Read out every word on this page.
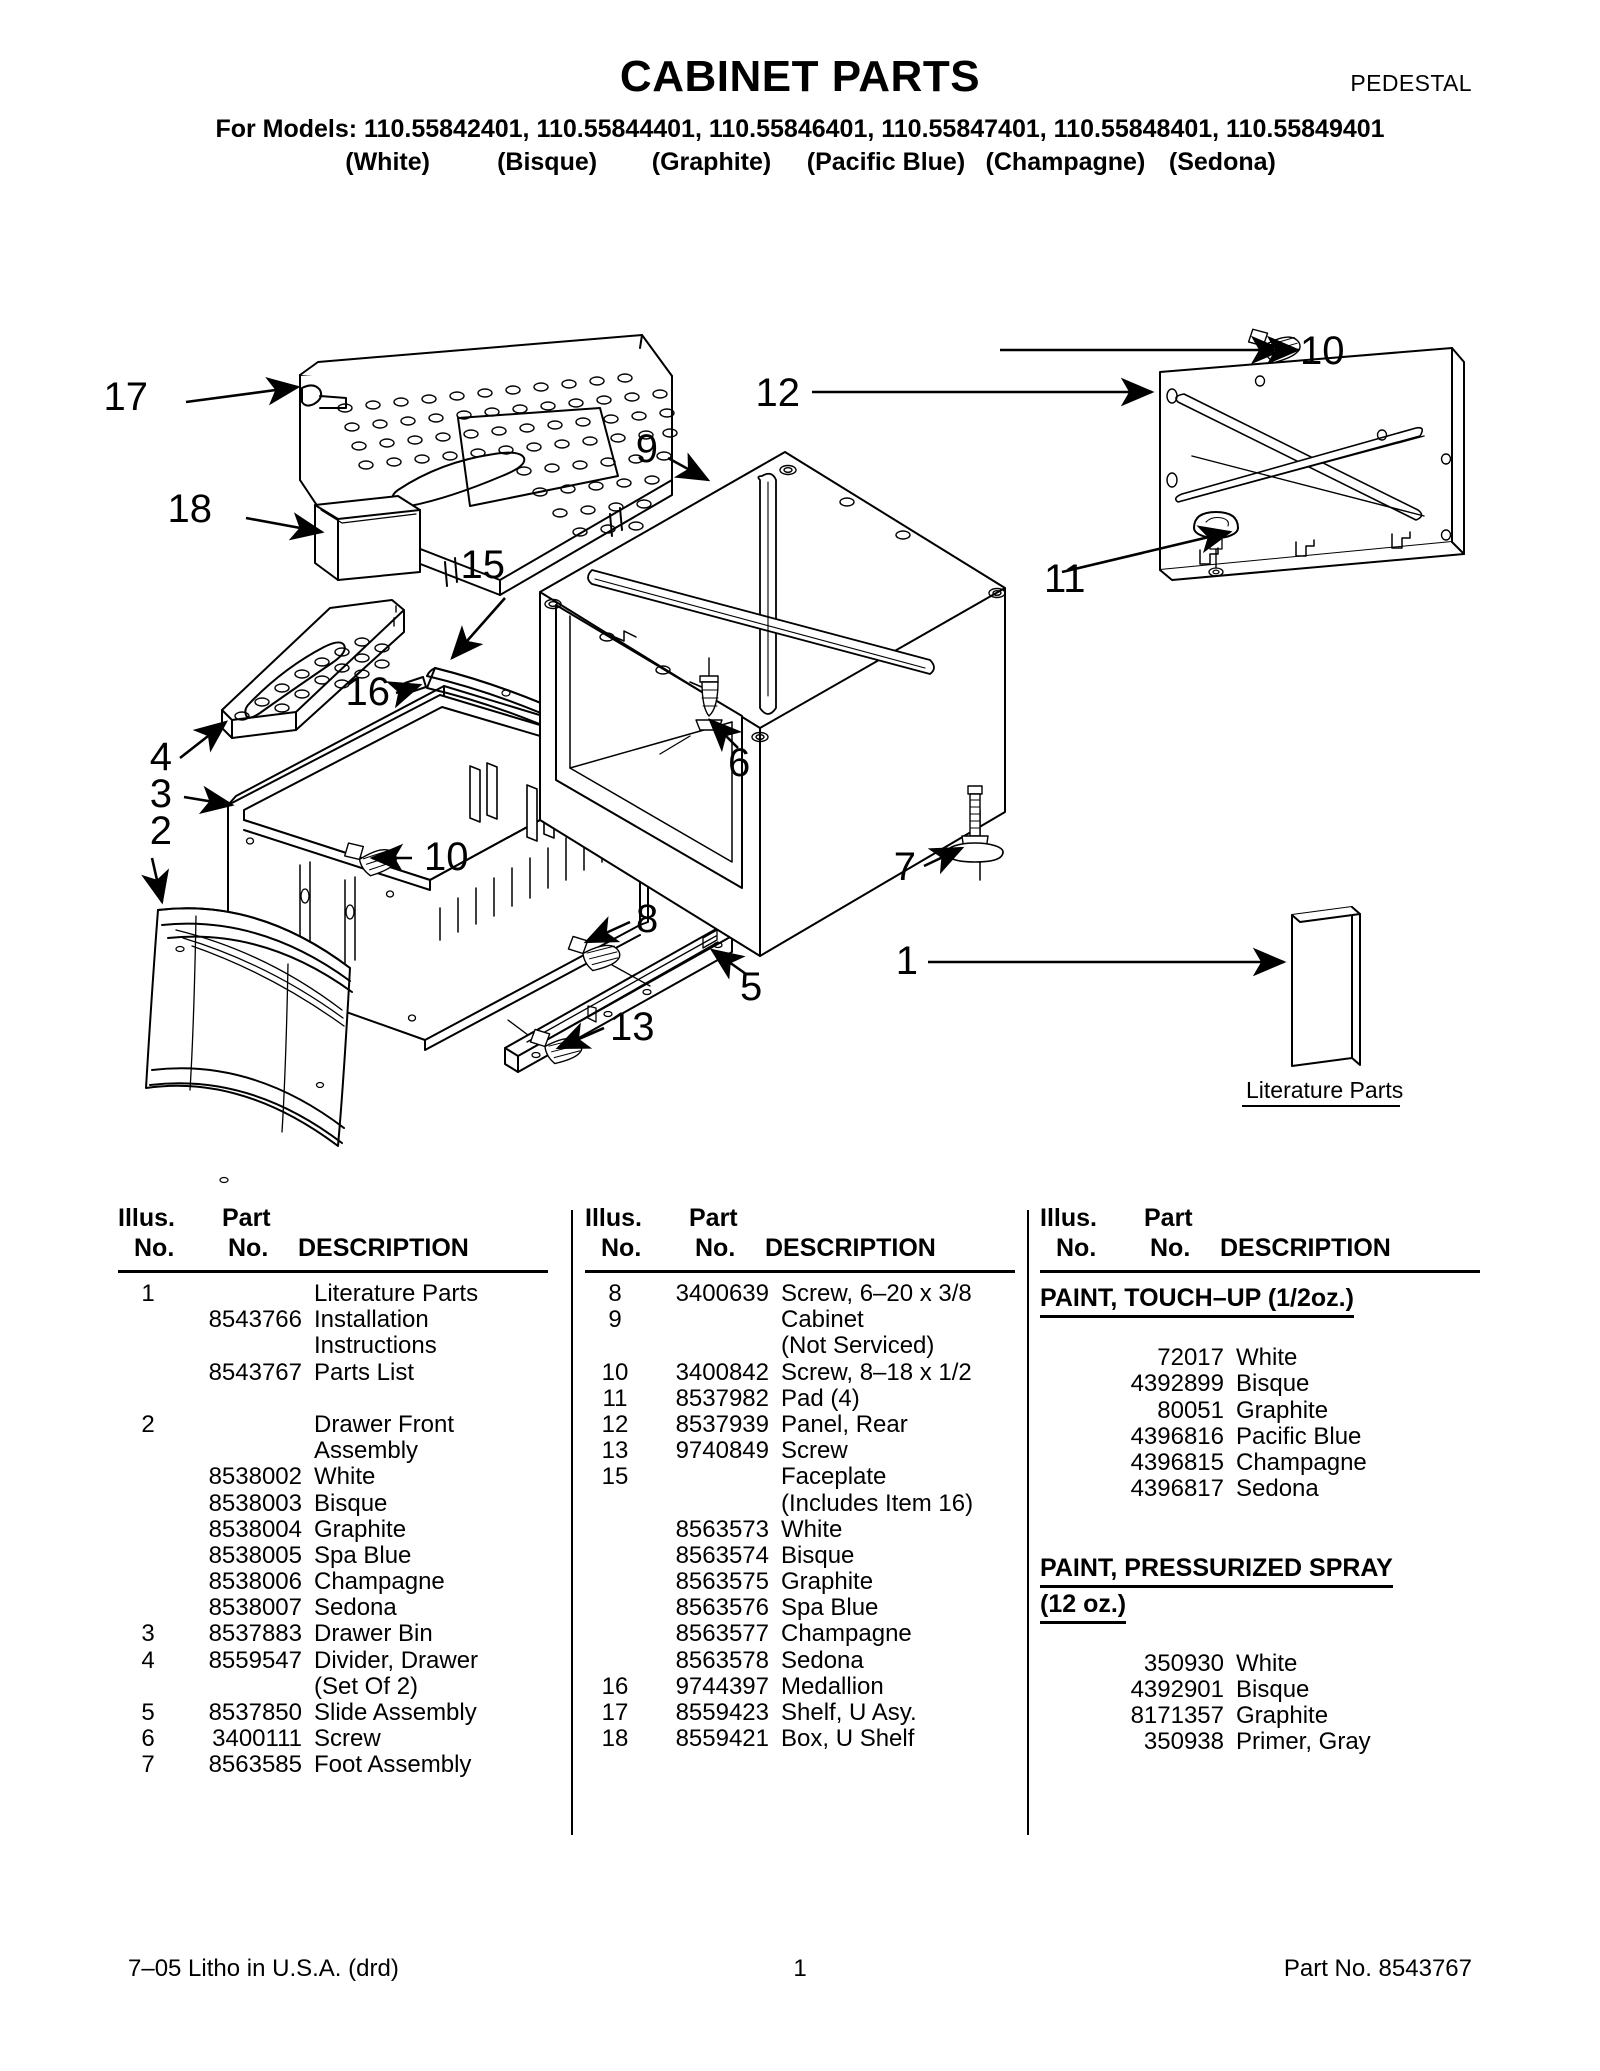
CABINET PARTS	PEDESTAL
For Models: 110.55842401, 110.55844401, 110.55846401, 110.55847401, 110.55848401, 110.55849401
(White)	(Bisque) (Graphite) (Pacific Blue) (Champagne) (Sedona)
17
18
15
16
4
3
2
10
8
5
13
9
12
10
11
6
7
1
Literature Parts
Illus.
No.
Part
No. DESCRIPTION
1	Literature Parts
8543766 Installation
Instructions
8543767 Parts List
2	Drawer Front
Assembly
8538002 White
8538003 Bisque
8538004 Graphite
8538005 Spa Blue
8538006 Champagne
8538007 Sedona
3	8537883 Drawer Bin
4	8559547 Divider, Drawer
(Set Of 2)
5	8537850 Slide Assembly
6	3400111 Screw
7	8563585 Foot Assembly
Illus.
No.
Part
No. DESCRIPTION
8	3400639 Screw, 6–20 x 3/8
9	Cabinet
(Not Serviced)
10	3400842 Screw, 8–18 x 1/2
11	8537982 Pad (4)
12	8537939 Panel, Rear
13	9740849 Screw
15	Faceplate
(Includes Item 16)
8563573 White
8563574 Bisque
8563575 Graphite
8563576 Spa Blue
8563577 Champagne
8563578 Sedona
16	9744397 Medallion
17	8559423 Shelf, U Asy.
18	8559421 Box, U Shelf
Illus.
No.
Part
No. DESCRIPTION
PAINT, TOUCH–UP (1/2oz.)
72017 White
4392899 Bisque
80051 Graphite
4396816 Pacific Blue
4396815 Champagne
4396817 Sedona
PAINT, PRESSURIZED SPRAY
(12 oz.)
350930 White
4392901 Bisque
8171357 Graphite
350938 Primer, Gray
7–05 Litho in U.S.A. (drd)	1	Part No. 8543767
